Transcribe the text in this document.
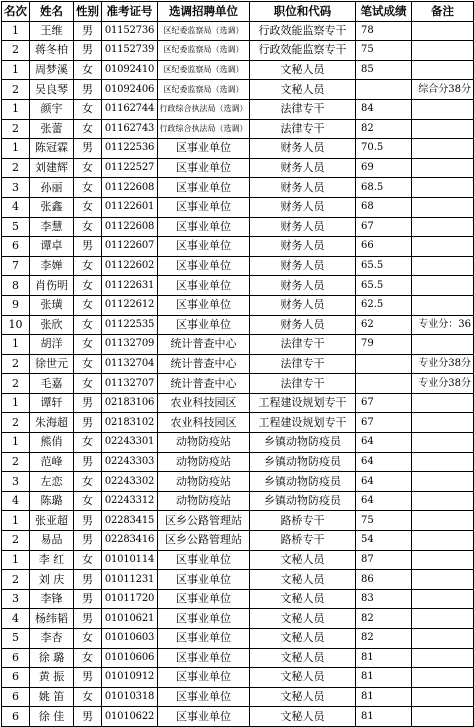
名次	姓名	性别	准考证号	选调招聘单位	职位和代码	笔试成绩	备注
1	王维	男	01152736	区纪委监察局（选调）	行政效能监察专干	78	
2	蒋冬柏	男	01152739	区纪委监察局（选调）	行政效能监察专干	75	
1	周梦溪	女	01092410	区纪委监察局（选调）	文秘人员	85	
2	吴良琴	男	01092406	区纪委监察局（选调）	文秘人员		综合分38分
1	颜宇	女	01162744	行政综合执法局（选调）	法律专干	84	
2	张蕾	女	01162743	行政综合执法局（选调）	法律专干	82	
1	陈冠霖	男	01122536	区事业单位	财务人员	70.5	
2	刘建辉	女	01122527	区事业单位	财务人员	69	
3	孙丽	女	01122608	区事业单位	财务人员	68.5	
4	张鑫	女	01122601	区事业单位	财务人员	68	
5	李慧	女	01122608	区事业单位	财务人员	67	
6	谭卓	男	01122607	区事业单位	财务人员	66	
7	李婵	女	01122602	区事业单位	财务人员	65.5	
8	肖伤明	女	01122631	区事业单位	财务人员	65.5	
9	张璜	女	01122612	区事业单位	财务人员	62.5	
10	张欣	女	01122535	区事业单位	财务人员	62	专业分：36
1	胡洋	女	01132709	统计普查中心	法律专干	79	
2	徐世元	女	01132704	统计普查中心	法律专干		专业分38分
2	毛嘉	女	01132707	统计普查中心	法律专干		专业分38分
1	谭轩	男	02183106	农业科技园区	工程建设规划专干	67	
2	朱海超	男	02183102	农业科技园区	工程建设规划专干	67	
1	熊俏	女	02243301	动物防疫站	乡镇动物防疫员	64	
2	范峰	男	02243303	动物防疫站	乡镇动物防疫员	64	
3	左恋	女	02243302	动物防疫站	乡镇动物防疫员	64	
4	陈璐	女	02243312	动物防疫站	乡镇动物防疫员	64	
1	张亚超	男	02283415	区乡公路管理站	路桥专干	75	
2	易品	男	02283416	区乡公路管理站	路桥专干	54	
1	李 红	女	01010114	区事业单位	文秘人员	87	
2	刘 庆	男	01011231	区事业单位	文秘人员	86	
3	李锋	男	01011720	区事业单位	文秘人员	83	
4	杨纬韬	男	01010621	区事业单位	文秘人员	82	
5	李杏	女	01010603	区事业单位	文秘人员	82	
6	徐 璐	女	01010606	区事业单位	文秘人员	81	
6	黄 振	男	01010912	区事业单位	文秘人员	81	
6	姚 笛	女	01010318	区事业单位	文秘人员	81	
6	徐 佳	男	01010622	区事业单位	文秘人员	81	
